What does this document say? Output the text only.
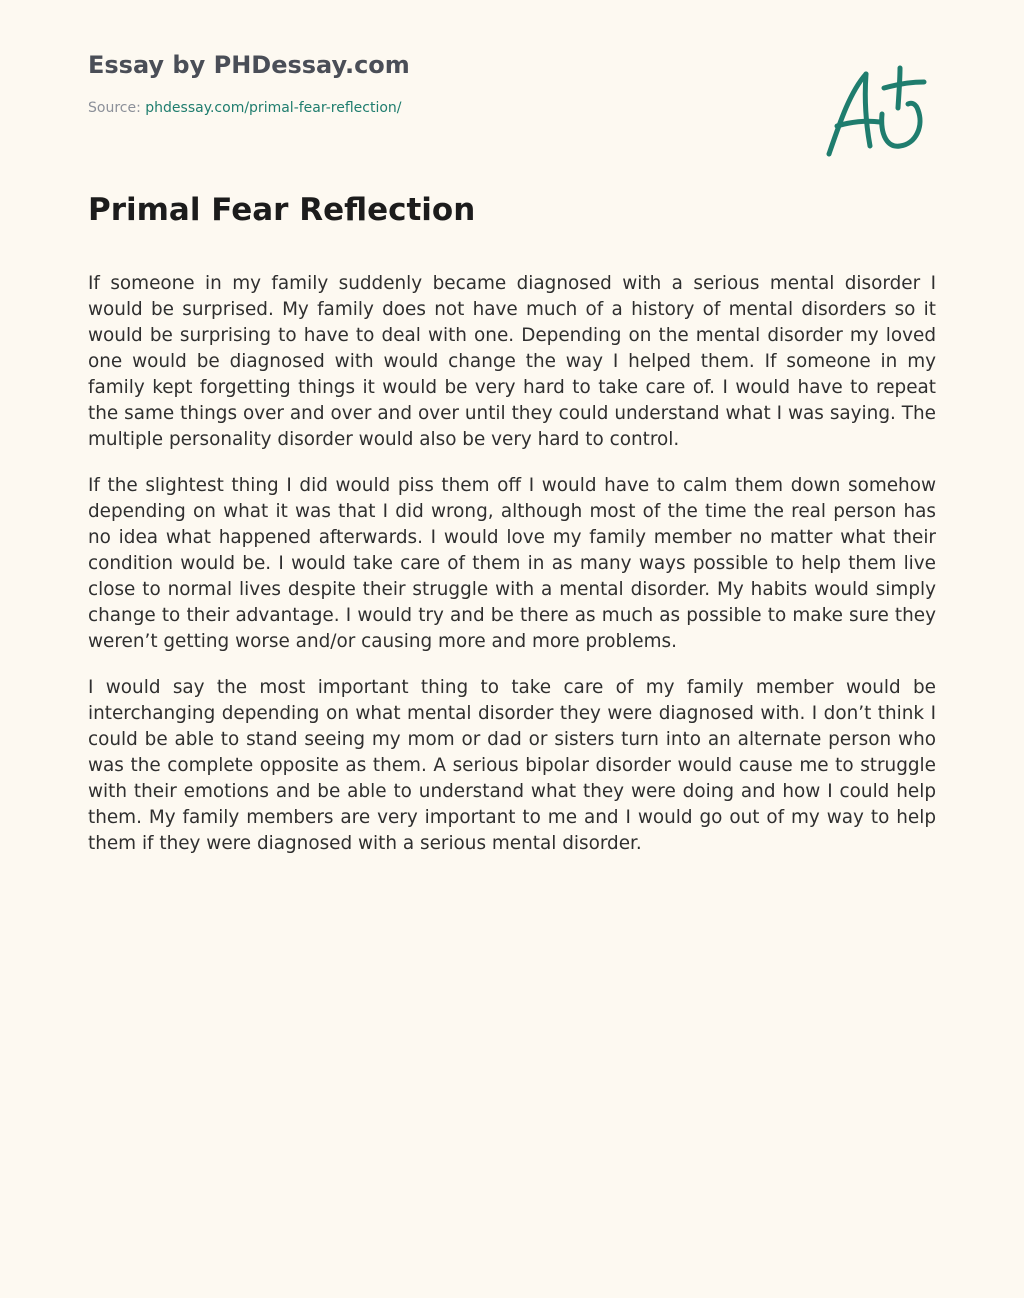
Essay by PHDessay.com
Source: phdessay.com/primal-fear-reflection/
Primal Fear Reflection

If someone in my family suddenly became diagnosed with a serious mental disorder I would be surprised. My family does not have much of a history of mental disorders so it would be surprising to have to deal with one. Depending on the mental disorder my loved one would be diagnosed with would change the way I helped them. If someone in my family kept forgetting things it would be very hard to take care of. I would have to repeat the same things over and over and over until they could understand what I was saying. The multiple personality disorder would also be very hard to control.

If the slightest thing I did would piss them off I would have to calm them down somehow depending on what it was that I did wrong, although most of the time the real person has no idea what happened afterwards. I would love my family member no matter what their condition would be. I would take care of them in as many ways possible to help them live close to normal lives despite their struggle with a mental disorder. My habits would simply change to their advantage. I would try and be there as much as possible to make sure they weren’t getting worse and/or causing more and more problems.

I would say the most important thing to take care of my family member would be interchanging depending on what mental disorder they were diagnosed with. I don’t think I could be able to stand seeing my mom or dad or sisters turn into an alternate person who was the complete opposite as them. A serious bipolar disorder would cause me to struggle with their emotions and be able to understand what they were doing and how I could help them. My family members are very important to me and I would go out of my way to help them if they were diagnosed with a serious mental disorder.
